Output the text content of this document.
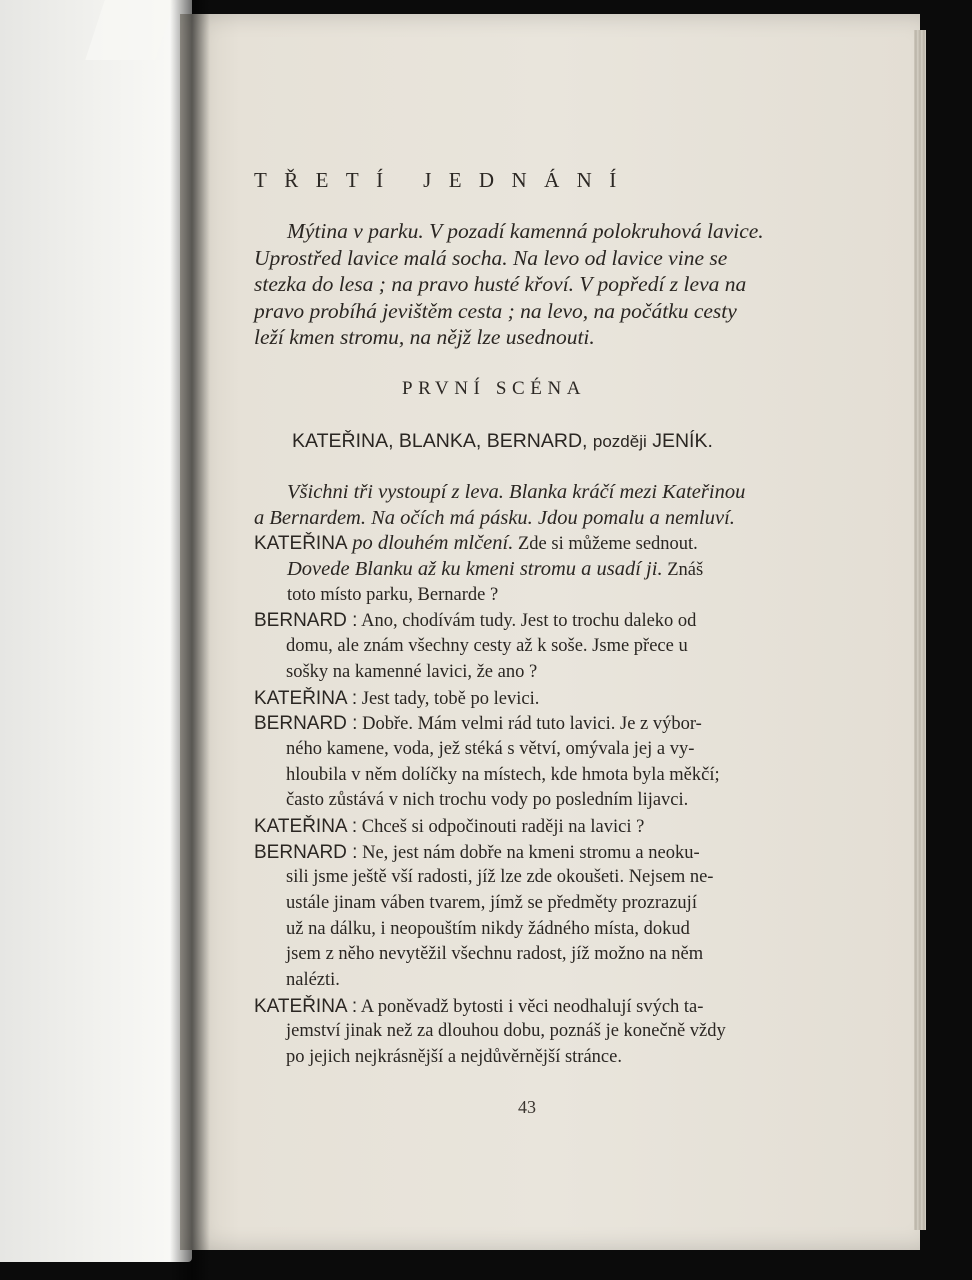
TŘETÍ JEDNÁNÍ
Mýtina v parku. V pozadí kamenná polokruhová lavice.
Uprostřed lavice malá socha. Na levo od lavice vine se
stezka do lesa ; na pravo husté křoví. V popředí z leva na
pravo probíhá jevištěm cesta ; na levo, na počátku cesty
leží kmen stromu, na nějž lze usednouti.
PRVNÍ SCÉNA
KATEŘINA, BLANKA, BERNARD, později JENÍK.
Všichni tři vystoupí z leva. Blanka kráčí mezi Kateřinou
a Bernardem. Na očích má pásku. Jdou pomalu a nemluví.
KATEŘINA po dlouhém mlčení. Zde si můžeme sednout.
Dovede Blanku až ku kmeni stromu a usadí ji. Znáš
toto místo parku, Bernarde ?
BERNARD : Ano, chodívám tudy. Jest to trochu daleko od
domu, ale znám všechny cesty až k soše. Jsme přece u
sošky na kamenné lavici, že ano ?
KATEŘINA : Jest tady, tobě po levici.
BERNARD : Dobře. Mám velmi rád tuto lavici. Je z výbor-
ného kamene, voda, jež stéká s větví, omývala jej a vy-
hloubila v něm dolíčky na místech, kde hmota byla měkčí;
často zůstává v nich trochu vody po posledním lijavci.
KATEŘINA : Chceš si odpočinouti raději na lavici ?
BERNARD : Ne, jest nám dobře na kmeni stromu a neoku-
sili jsme ještě vší radosti, jíž lze zde okoušeti. Nejsem ne-
ustále jinam váben tvarem, jímž se předměty prozrazují
už na dálku, i neopouštím nikdy žádného místa, dokud
jsem z něho nevytěžil všechnu radost, jíž možno na něm
nalézti.
KATEŘINA : A poněvadž bytosti i věci neodhalují svých ta-
jemství jinak než za dlouhou dobu, poznáš je konečně vždy
po jejich nejkrásnější a nejdůvěrnější stránce.
43
